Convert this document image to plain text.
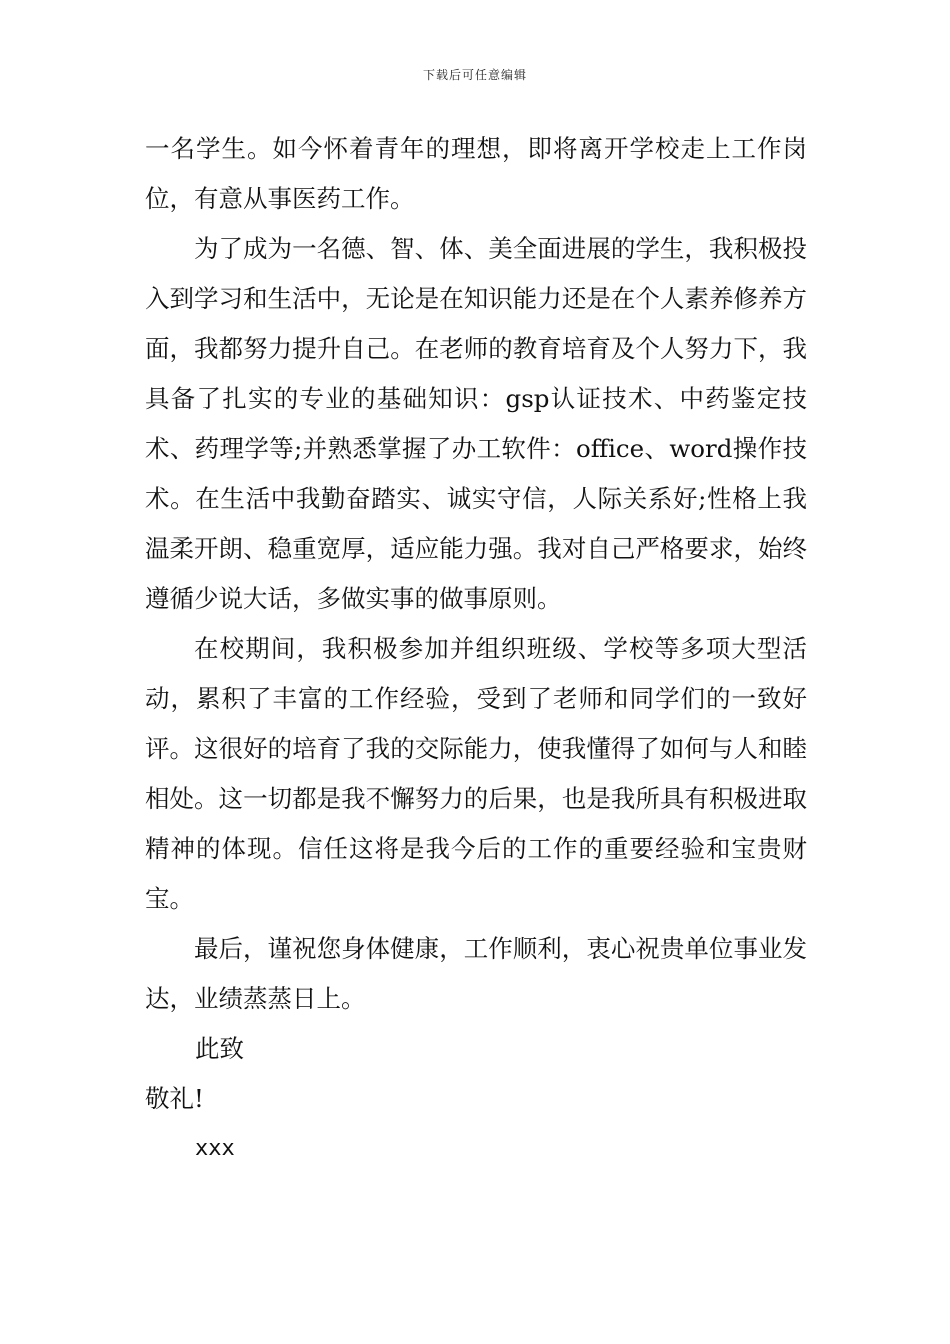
下载后可任意编辑

一名学生。如今怀着青年的理想，即将离开学校走上工作岗位，有意从事医药工作。

为了成为一名德、智、体、美全面进展的学生，我积极投入到学习和生活中，无论是在知识能力还是在个人素养修养方面，我都努力提升自己。在老师的教育培育及个人努力下，我具备了扎实的专业的基础知识：gsp认证技术、中药鉴定技术、药理学等;并熟悉掌握了办工软件：office、word操作技术。在生活中我勤奋踏实、诚实守信，人际关系好;性格上我温柔开朗、稳重宽厚，适应能力强。我对自己严格要求，始终遵循少说大话，多做实事的做事原则。

在校期间，我积极参加并组织班级、学校等多项大型活动，累积了丰富的工作经验，受到了老师和同学们的一致好评。这很好的培育了我的交际能力，使我懂得了如何与人和睦相处。这一切都是我不懈努力的后果，也是我所具有积极进取精神的体现。信任这将是我今后的工作的重要经验和宝贵财宝。

最后，谨祝您身体健康，工作顺利，衷心祝贵单位事业发达，业绩蒸蒸日上。

此致

敬礼!

xxx
